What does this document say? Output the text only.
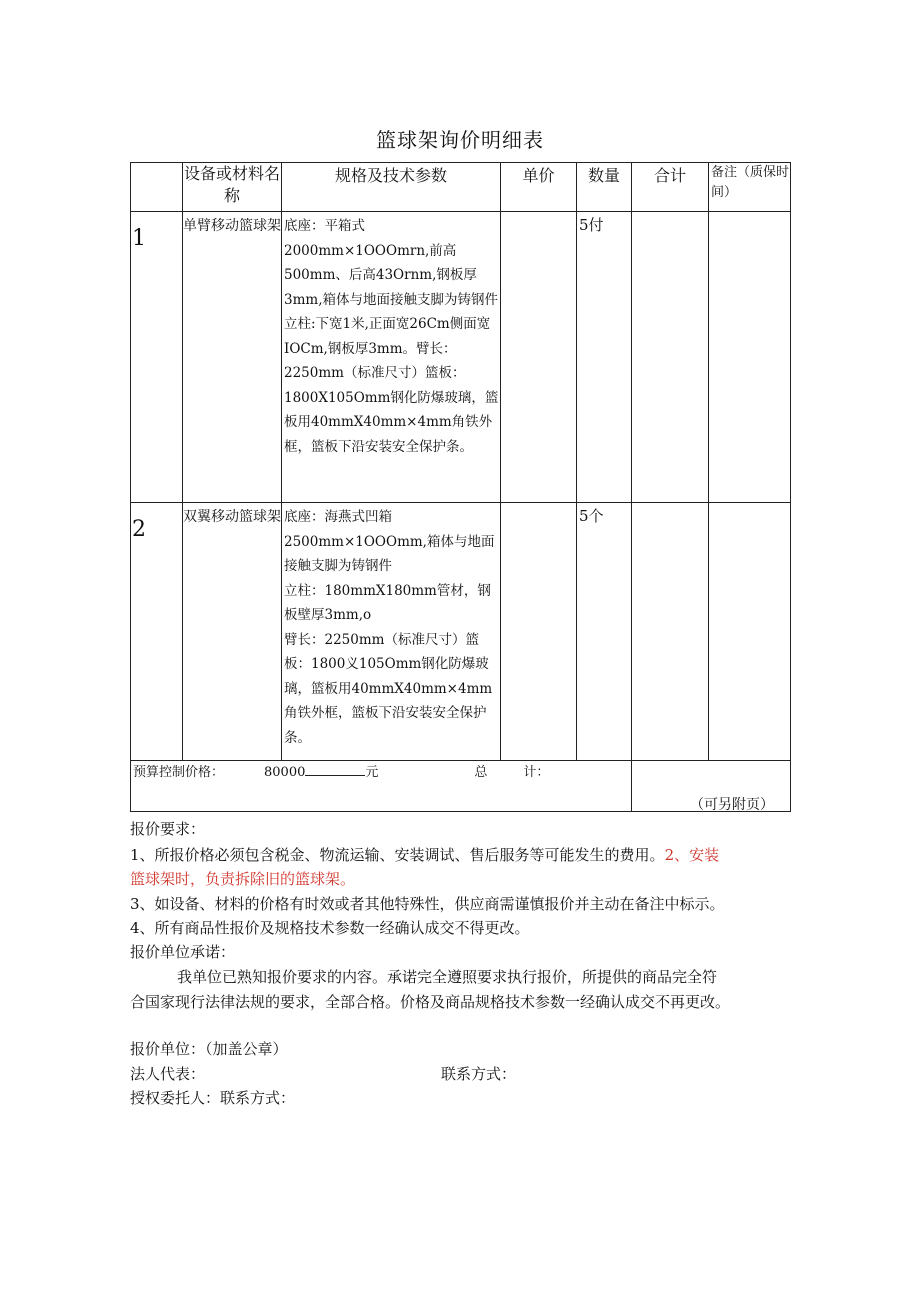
篮球架询价明细表
	设备或材料名称	规格及技术参数	单价	数量	合计	备注（质保时间）
1	单臂移动篮球架	底座：平箱式2000mm×1OOOmrn,前高500mm、后高43Ornm,钢板厚3mm,箱体与地面接触支脚为铸钢件
立柱:下宽1米,正面宽26Cm侧面宽IOCm,钢板厚3mm。臂长：2250mm（标准尺寸）篮板：1800X105Omm钢化防爆玻璃，篮板用40mmX40mm×4mm角铁外框，篮板下沿安装安全保护条。		5付		
2	双翼移动篮球架	底座：海燕式凹箱2500mm×1OOOmm,箱体与地面接触支脚为铸钢件
立柱：180mmX180mm管材，钢板壁厚3mm,o
臂长：2250mm（标准尺寸）篮板：1800义105Omm钢化防爆玻璃，篮板用40mmX40mm×4mm角铁外框，篮板下沿安装安全保护条。		5个		
预算控制价格： 80000 元 总 计：						
（可另附页）
报价要求：
1、所报价格必须包含税金、物流运输、安装调试、售后服务等可能发生的费用。2、安装
篮球架时，负责拆除旧的篮球架。
3、如设备、材料的价格有时效或者其他特殊性，供应商需谨慎报价并主动在备注中标示。
4、所有商品性报价及规格技术参数一经确认成交不得更改。
报价单位承诺：
我单位已熟知报价要求的内容。承诺完全遵照要求执行报价，所提供的商品完全符
合国家现行法律法规的要求，全部合格。价格及商品规格技术参数一经确认成交不再更改。
报价单位：（加盖公章）
法人代表：	联系方式：
授权委托人：联系方式：
